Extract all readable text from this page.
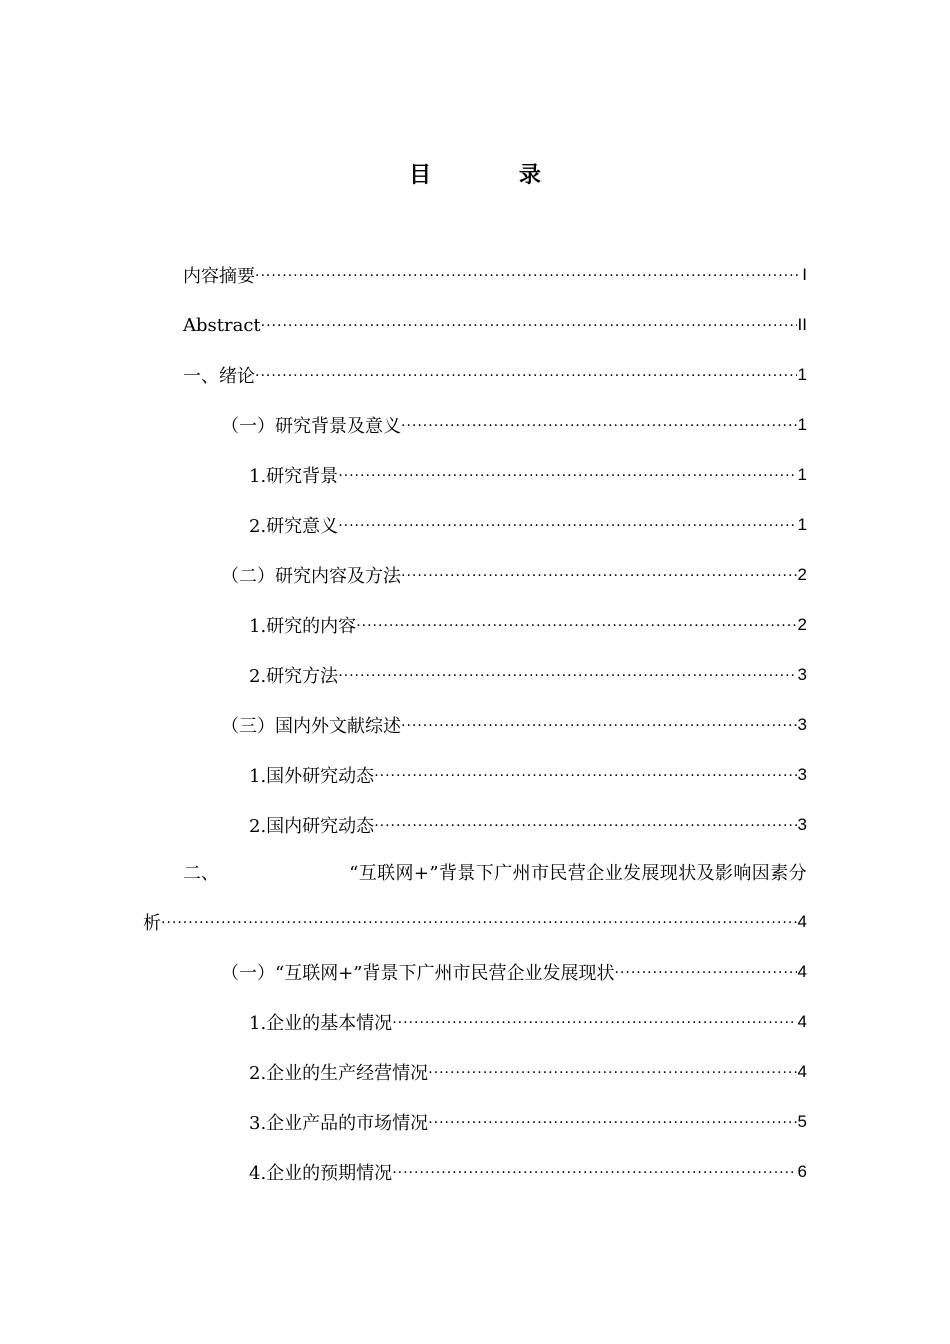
目 录
内容摘要 .....	I
Abstract .....	II
一、绪论 .....	1
（一）研究背景及意义 .....	1
1.研究背景 .....	1
2.研究意义 .....	1
（二）研究内容及方法 .....	2
1.研究的内容 .....	2
2.研究方法 .....	3
（三）国内外文献综述 .....	3
1.国外研究动态 .....	3
2.国内研究动态 .....	3
二、	“互联网+”背景下广州市民营企业发展现状及影响因素分
析 .....	4
（一）“互联网+”背景下广州市民营企业发展现状 .....	4
1.企业的基本情况 .....	4
2.企业的生产经营情况 .....	4
3.企业产品的市场情况 .....	5
4.企业的预期情况 .....	6
